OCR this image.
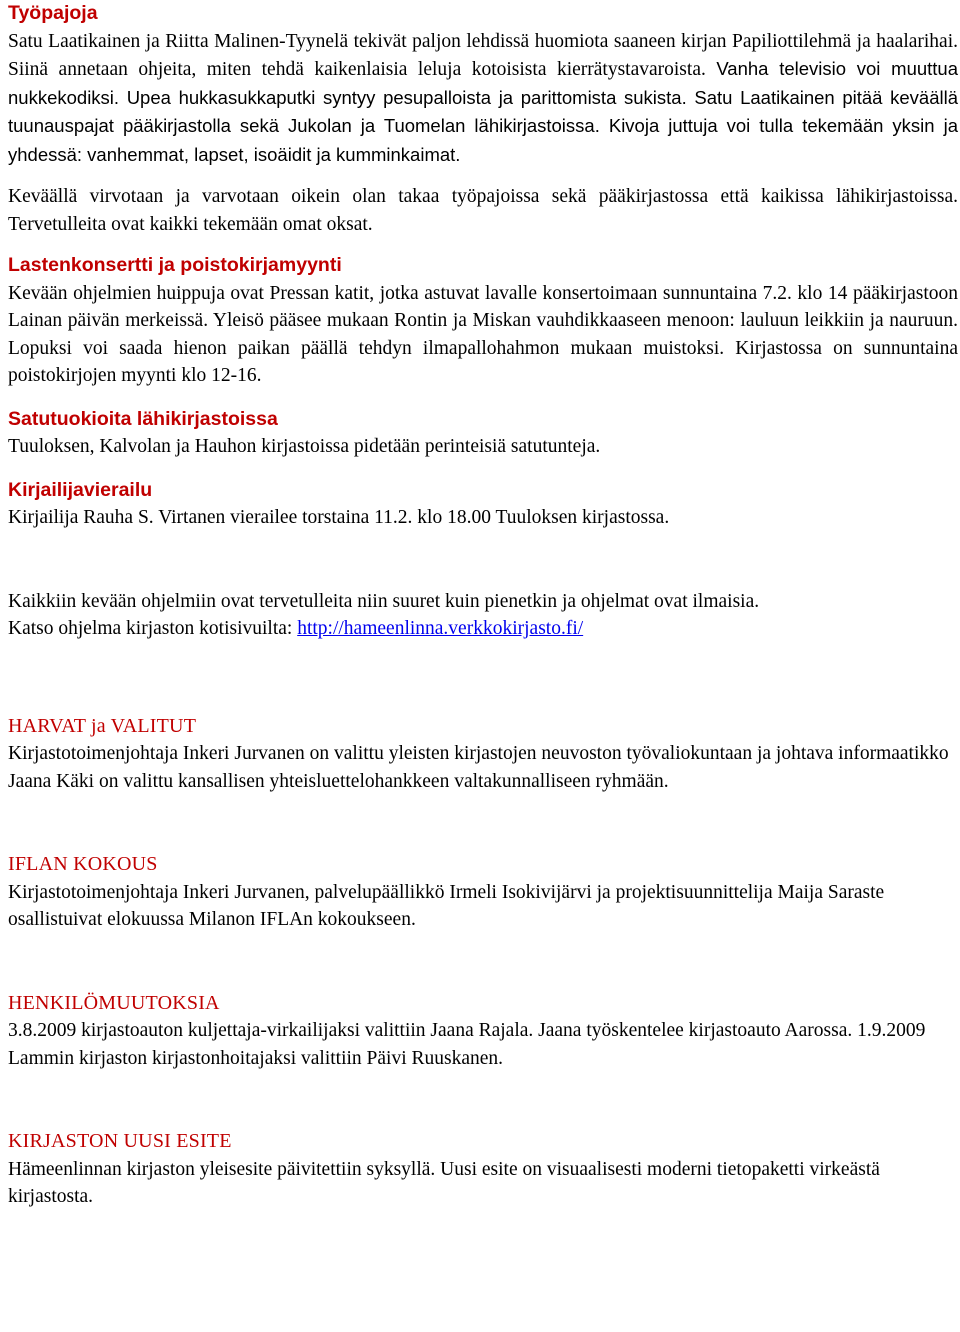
Työpajoja

Satu Laatikainen ja Riitta Malinen-Tyynelä tekivät paljon lehdissä huomiota saaneen kirjan Papiliottilehmä ja haalarihai. Siinä annetaan ohjeita, miten tehdä kaikenlaisia leluja kotoisista kierrätystavaroista. Vanha televisio voi muuttua nukkekodiksi. Upea hukkasukkaputki syntyy pesupalloista ja parittomista sukista. Satu Laatikainen pitää keväällä tuunauspajat pääkirjastolla sekä Jukolan ja Tuomelan lähikirjastoissa. Kivoja juttuja voi tulla tekemään yksin ja yhdessä: vanhemmat, lapset, isoäidit ja kumminkaimat.

Keväällä virvotaan ja varvotaan oikein olan takaa työpajoissa sekä pääkirjastossa että kaikissa lähikirjastoissa. Tervetulleita ovat kaikki tekemään omat oksat.

Lastenkonsertti ja poistokirjamyynti

Kevään ohjelmien huippuja ovat Pressan katit, jotka astuvat lavalle konsertoimaan sunnuntaina 7.2. klo 14 pääkirjastoon Lainan päivän merkeissä. Yleisö pääsee mukaan Rontin ja Miskan vauhdikkaaseen menoon: lauluun leikkiin ja nauruun. Lopuksi voi saada hienon paikan päällä tehdyn ilmapallohahmon mukaan muistoksi. Kirjastossa on sunnuntaina poistokirjojen myynti klo 12-16.

Satutuokioita lähikirjastoissa

Tuuloksen, Kalvolan ja Hauhon kirjastoissa pidetään perinteisiä satutunteja.

Kirjailijavierailu

Kirjailija Rauha S. Virtanen vierailee torstaina 11.2. klo 18.00 Tuuloksen kirjastossa.

Kaikkiin kevään ohjelmiin ovat tervetulleita niin suuret kuin pienetkin ja ohjelmat ovat ilmaisia.

Katso ohjelma kirjaston kotisivuilta: http://hameenlinna.verkkokirjasto.fi/

HARVAT ja VALITUT

Kirjastotoimenjohtaja Inkeri Jurvanen on valittu yleisten kirjastojen neuvoston työvaliokuntaan ja johtava informaatikko Jaana Käki on valittu kansallisen yhteisluettelohankkeen valtakunnalliseen ryhmään.

IFLAN KOKOUS

Kirjastotoimenjohtaja Inkeri Jurvanen, palvelupäällikkö Irmeli Isokivijärvi ja projektisuunnittelija Maija Saraste osallistuivat elokuussa Milanon IFLAn kokoukseen.

HENKILÖMUUTOKSIA

3.8.2009 kirjastoauton kuljettaja-virkailijaksi valittiin Jaana Rajala. Jaana työskentelee kirjastoauto Aarossa. 1.9.2009 Lammin kirjaston kirjastonhoitajaksi valittiin Päivi Ruuskanen.

KIRJASTON UUSI ESITE

Hämeenlinnan kirjaston yleisesite päivitettiin syksyllä. Uusi esite on visuaalisesti moderni tietopaketti virkeästä kirjastosta.
